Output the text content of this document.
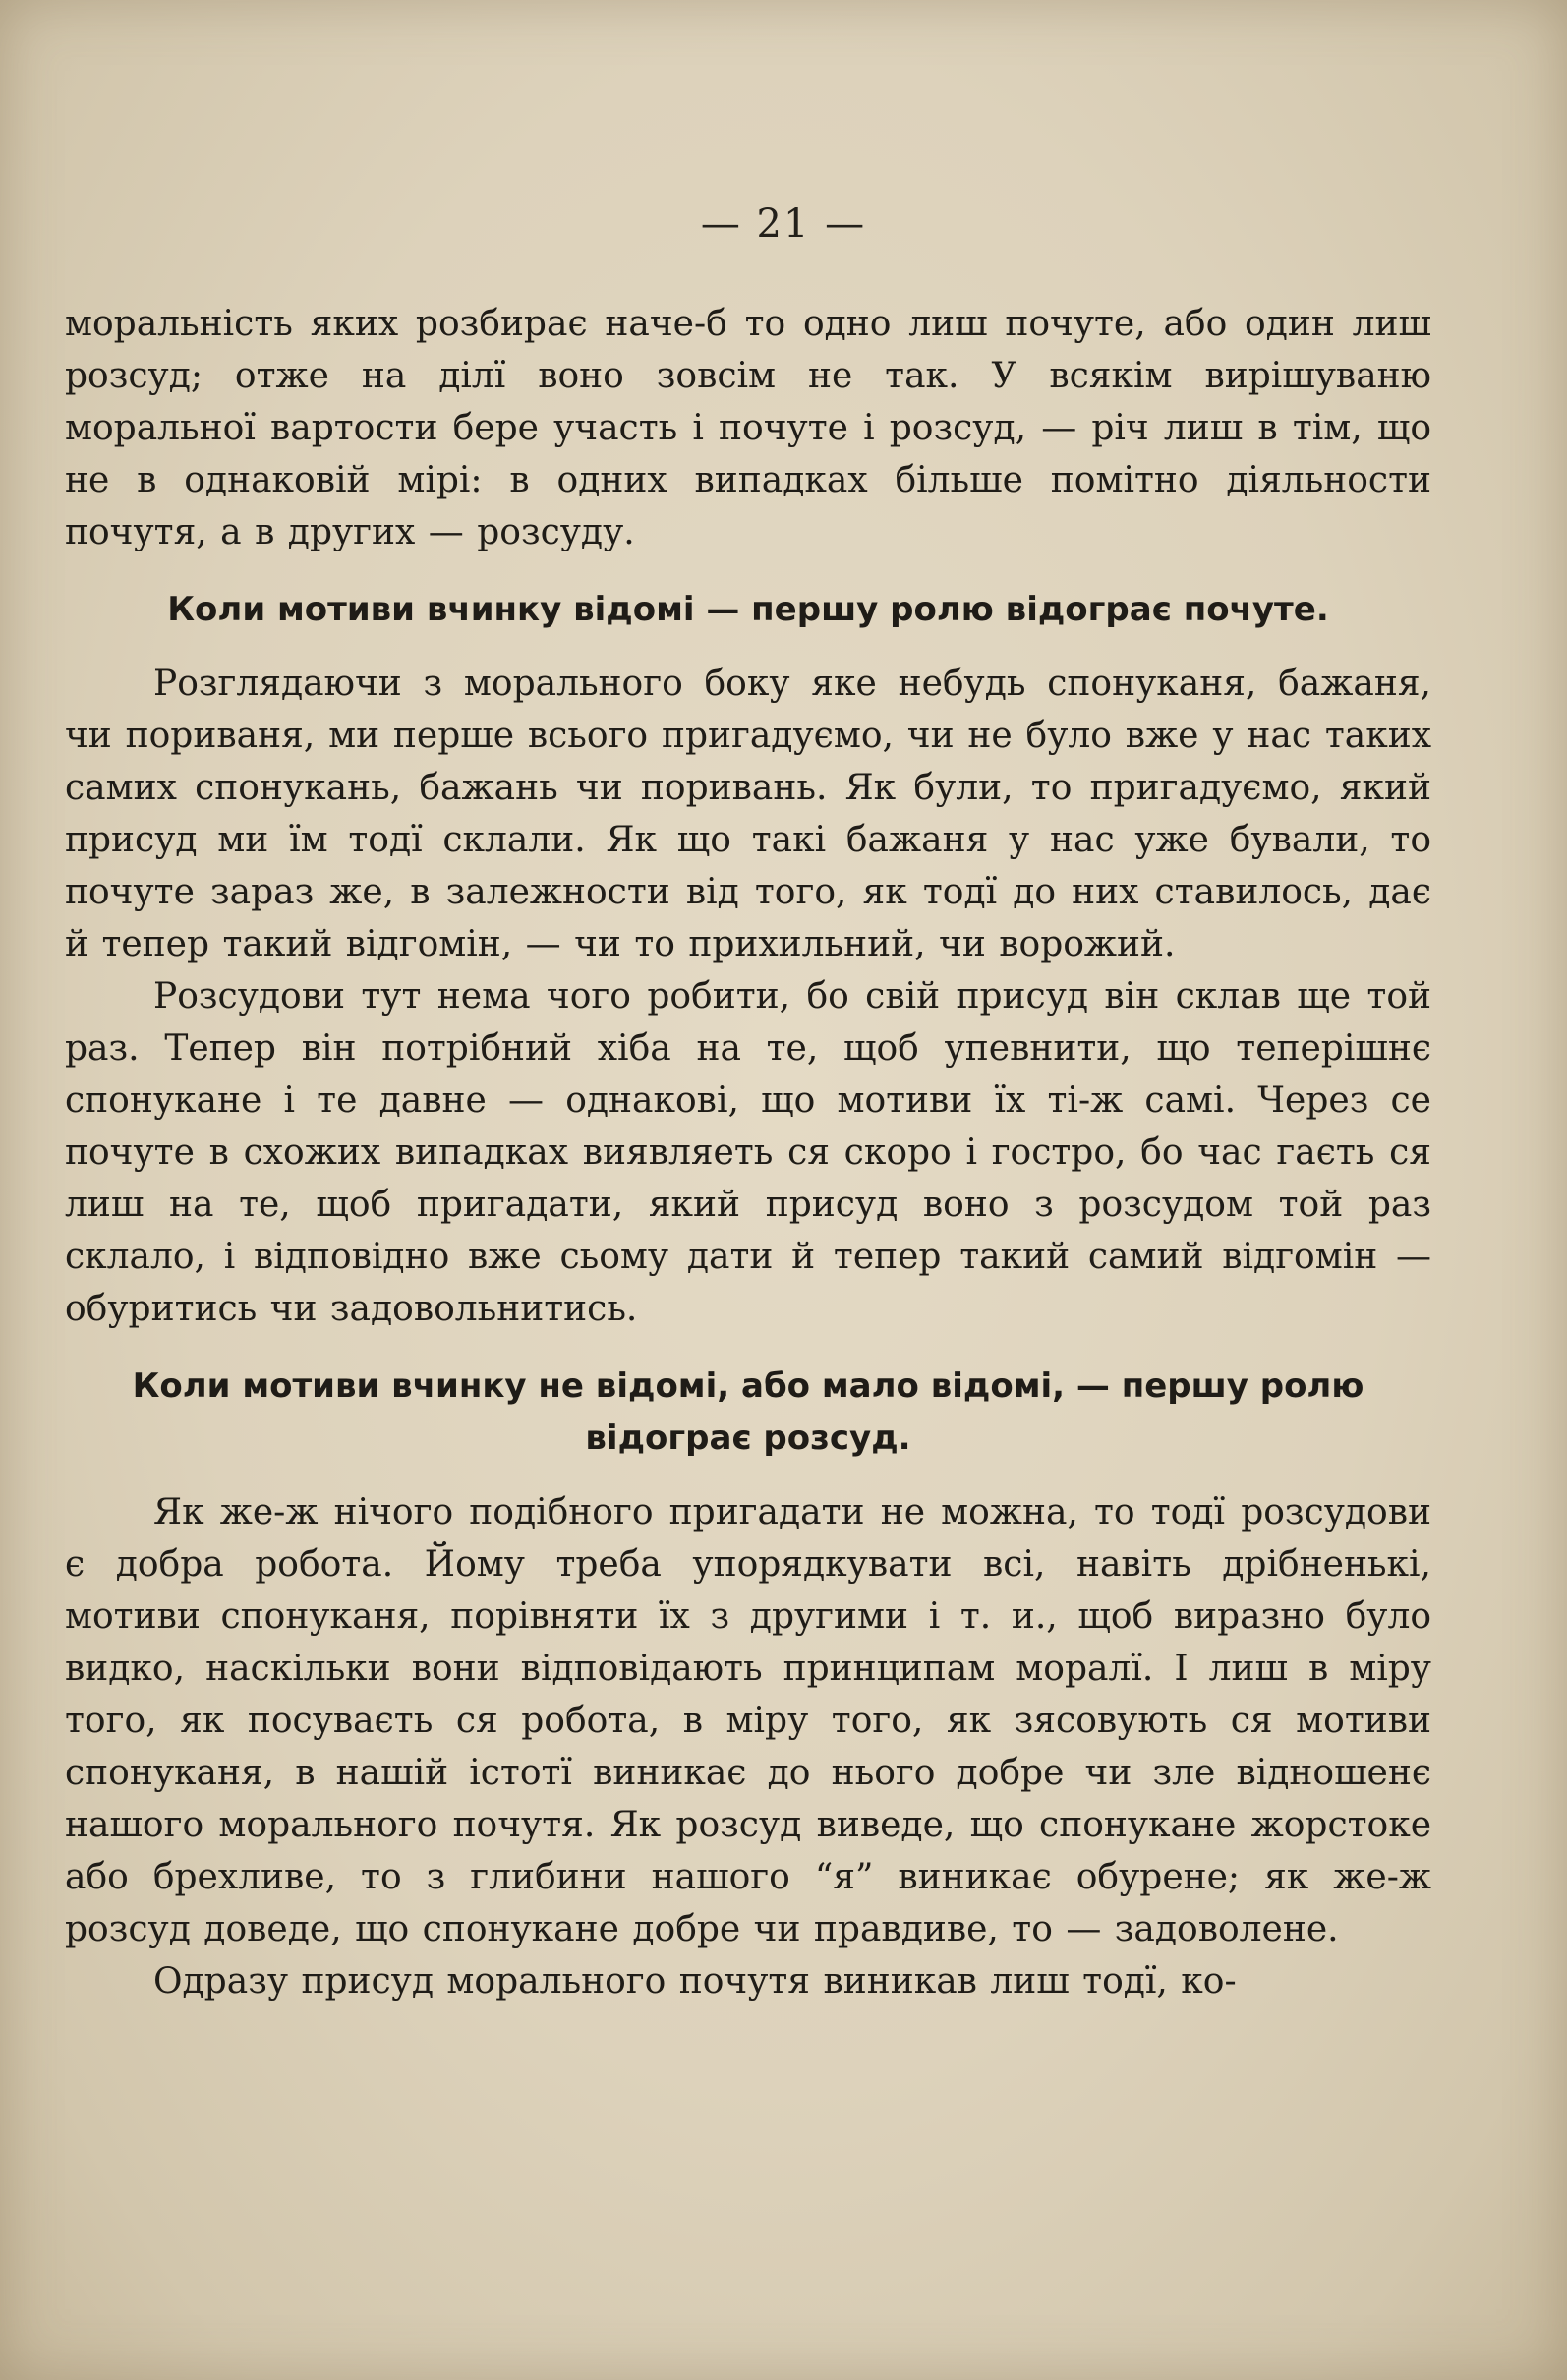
— 21 —

моральність яких розбирає наче-б то одно лиш почуте, або один лиш розсуд; отже на ділї воно зовсім не так. У всякім вирішуваню моральної вартости бере участь і почуте і розсуд, — річ лиш в тім, що не в однаковій мірі: в одних випадках більше помітно діяльности почутя, а в других — розсуду.

Коли мотиви вчинку відомі — першу ролю відограє почуте.

Розглядаючи з морального боку яке небудь спонуканя, бажаня, чи пориваня, ми перше всього пригадуємо, чи не було вже у нас таких самих спонукань, бажань чи поривань. Як були, то пригадуємо, який присуд ми їм тодї склали. Як що такі бажаня у нас уже бували, то почуте зараз же, в залежности від того, як тодї до них ставилось, дає й тепер такий відгомін, — чи то прихильний, чи ворожий.

Розсудови тут нема чого робити, бо свій присуд він склав ще той раз. Тепер він потрібний хіба на те, щоб упевнити, що теперішнє спонукане і те давне — однакові, що мотиви їх ті-ж самі. Через се почуте в схожих випадках виявляеть ся скоро і гостро, бо час гаєть ся лиш на те, щоб пригадати, який присуд воно з розсудом той раз склало, і відповідно вже сьому дати й тепер такий самий відгомін — обуритись чи задовольнитись.

Коли мотиви вчинку не відомі, або мало відомі, — першу ролю відограє розсуд.

Як же-ж нічого подібного пригадати не можна, то тодї розсудови є добра робота. Йому треба упорядкувати всі, навіть дрібненькі, мотиви спонуканя, порівняти їх з другими і т. и., щоб виразно було видко, наскільки вони відповідають принципам моралї. І лиш в міру того, як посуваєть ся робота, в міру того, як зясовують ся мотиви спонуканя, в нашій істотї виникає до нього добре чи зле відношенє нашого морального почутя. Як розсуд виведе, що спонукане жорстоке або брехливе, то з глибини нашого “я” виникає обурене; як же-ж розсуд доведе, що спонукане добре чи правдиве, то — задоволене.

Одразу присуд морального почутя виникав лиш тодї, ко-
